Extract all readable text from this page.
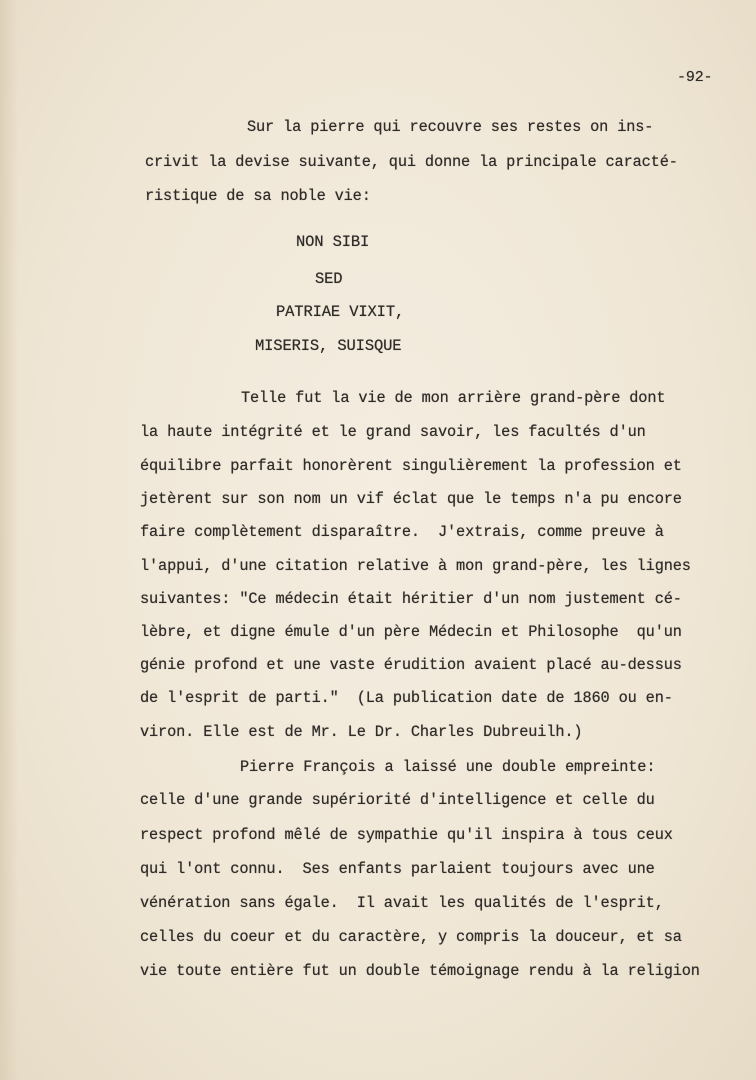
-92-
Sur la pierre qui recouvre ses restes on ins-
crivit la devise suivante, qui donne la principale caracté-
ristique de sa noble vie:
NON SIBI
SED
PATRIAE VIXIT,
MISERIS, SUISQUE
Telle fut la vie de mon arrière grand-père dont
la haute intégrité et le grand savoir, les facultés d'un
équilibre parfait honorèrent singulièrement la profession et
jetèrent sur son nom un vif éclat que le temps n'a pu encore
faire complètement disparaître.  J'extrais, comme preuve à
l'appui, d'une citation relative à mon grand-père, les lignes
suivantes: "Ce médecin était héritier d'un nom justement cé-
lèbre, et digne émule d'un père Médecin et Philosophe  qu'un
génie profond et une vaste érudition avaient placé au-dessus
de l'esprit de parti."  (La publication date de 1860 ou en-
viron. Elle est de Mr. Le Dr. Charles Dubreuilh.)
Pierre François a laissé une double empreinte:
celle d'une grande supériorité d'intelligence et celle du
respect profond mêlé de sympathie qu'il inspira à tous ceux
qui l'ont connu.  Ses enfants parlaient toujours avec une
vénération sans égale.  Il avait les qualités de l'esprit,
celles du coeur et du caractère, y compris la douceur, et sa
vie toute entière fut un double témoignage rendu à la religion
